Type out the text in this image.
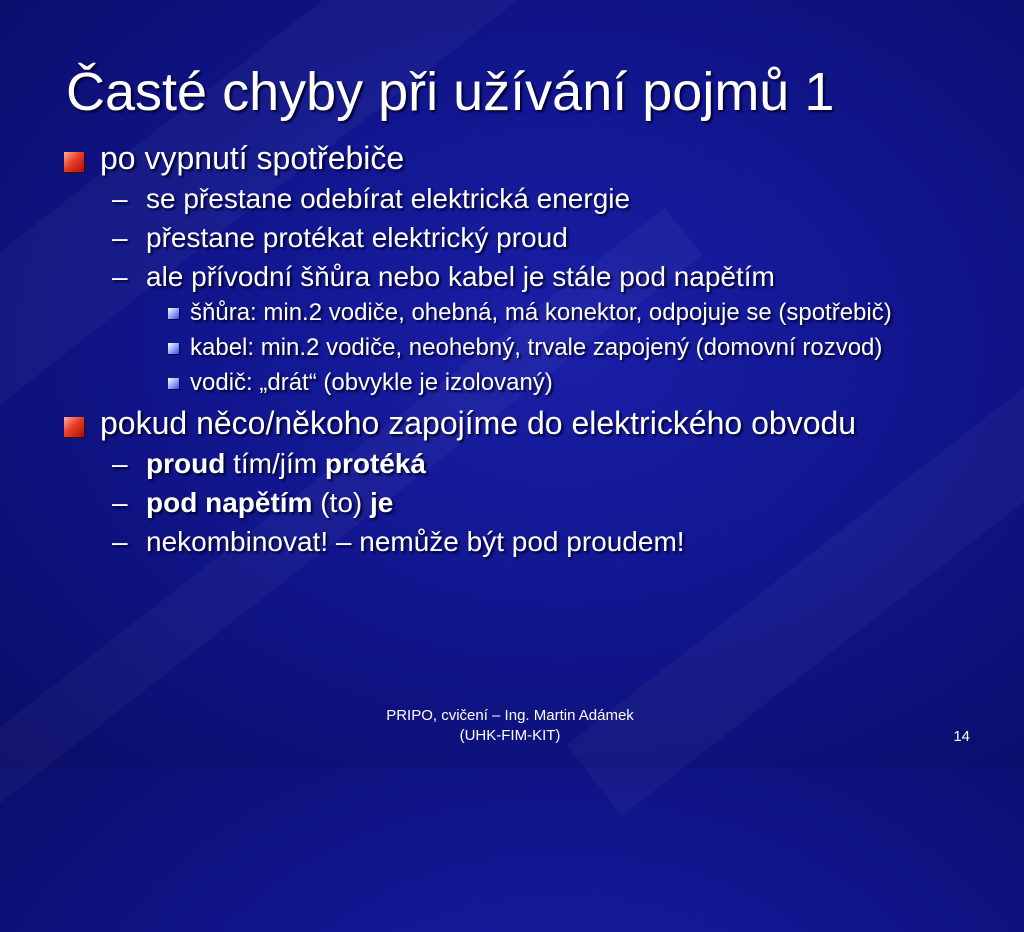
Časté chyby při užívání pojmů 1
po vypnutí spotřebiče
– se přestane odebírat elektrická energie
– přestane protékat elektrický proud
– ale přívodní šňůra nebo kabel je stále pod napětím
šňůra: min.2 vodiče, ohebná, má konektor, odpojuje se (spotřebič)
kabel: min.2 vodiče, neohebný, trvale zapojený (domovní rozvod)
vodič: „drát“ (obvykle je izolovaný)
pokud něco/někoho zapojíme do elektrického obvodu
– proud tím/jím protéká
– pod napětím (to) je
– nekombinovat! – nemůže být pod proudem!
PRIPO, cvičení – Ing. Martin Adámek
(UHK-FIM-KIT)	14
